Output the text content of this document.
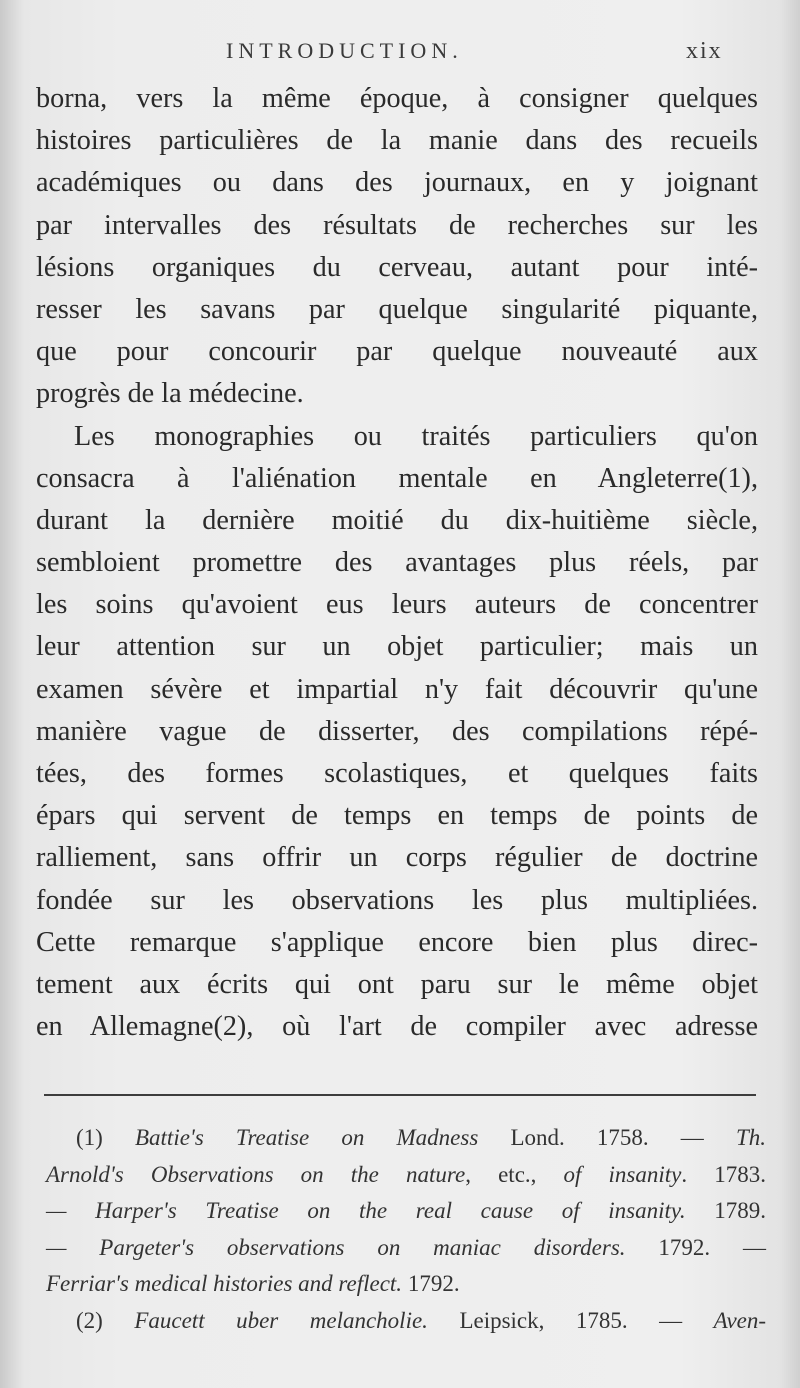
INTRODUCTION.	xix
borna, vers la même époque, à consigner quelques
histoires particulières de la manie dans des recueils
académiques ou dans des journaux, en y joignant
par intervalles des résultats de recherches sur les
lésions organiques du cerveau, autant pour inté-
resser les savans par quelque singularité piquante,
que pour concourir par quelque nouveauté aux
progrès de la médecine.
Les monographies ou traités particuliers qu'on
consacra à l'aliénation mentale en Angleterre(1),
durant la dernière moitié du dix-huitième siècle,
sembloient promettre des avantages plus réels, par
les soins qu'avoient eus leurs auteurs de concentrer
leur attention sur un objet particulier; mais un
examen sévère et impartial n'y fait découvrir qu'une
manière vague de disserter, des compilations répé-
tées, des formes scolastiques, et quelques faits
épars qui servent de temps en temps de points de
ralliement, sans offrir un corps régulier de doctrine
fondée sur les observations les plus multipliées.
Cette remarque s'applique encore bien plus direc-
tement aux écrits qui ont paru sur le même objet
en Allemagne(2), où l'art de compiler avec adresse
(1) Battie's Treatise on Madness Lond. 1758. — Th.
Arnold's Observations on the nature, etc., of insanity. 1783.
— Harper's Treatise on the real cause of insanity. 1789.
— Pargeter's observations on maniac disorders. 1792. —
Ferriar's medical histories and reflect. 1792.
(2) Faucett uber melancholie. Leipsick, 1785. — Aven-
